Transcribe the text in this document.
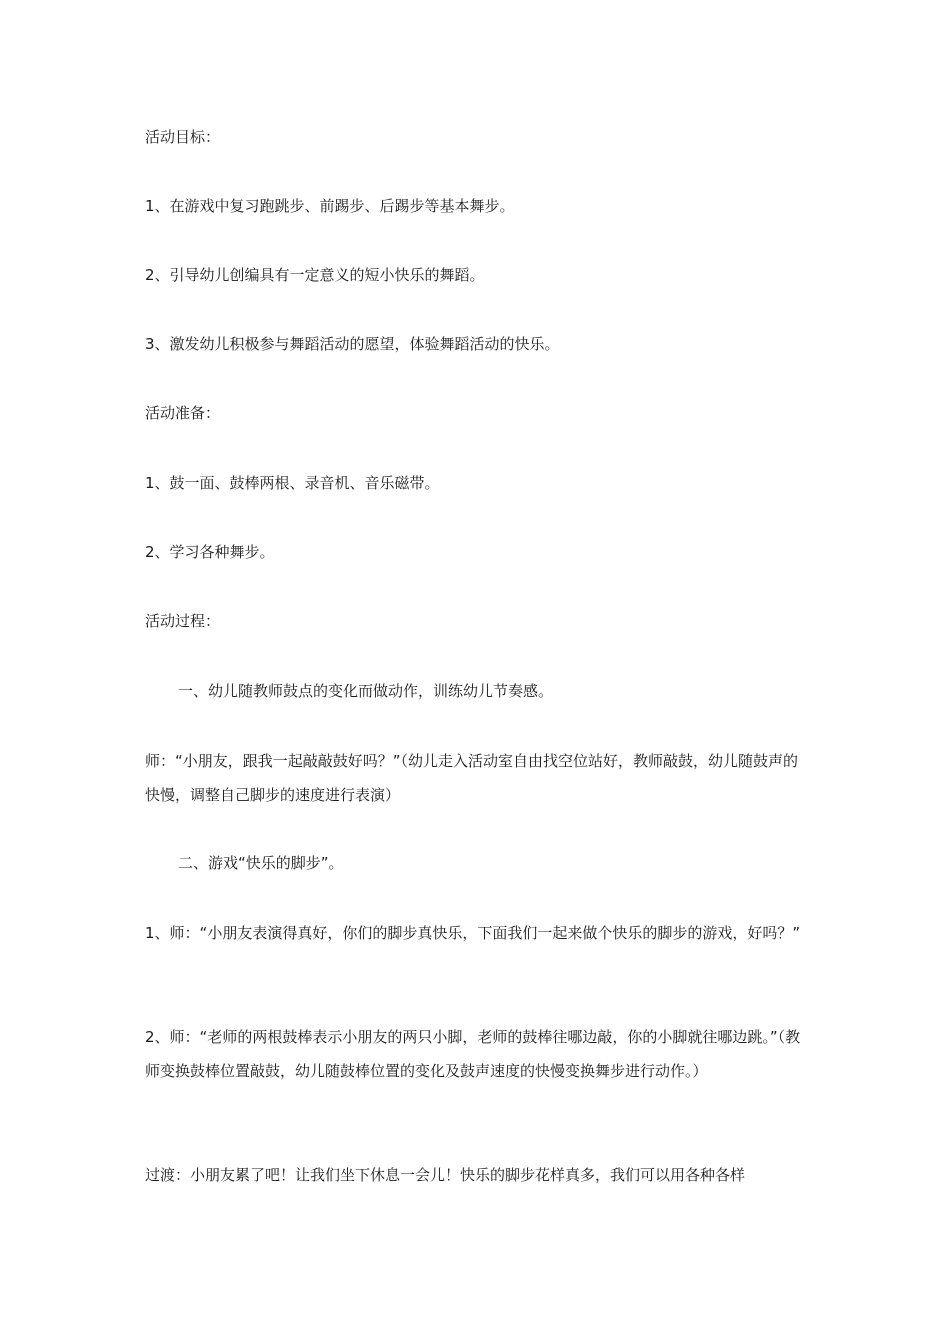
活动目标：

1、在游戏中复习跑跳步、前踢步、后踢步等基本舞步。

2、引导幼儿创编具有一定意义的短小快乐的舞蹈。

3、激发幼儿积极参与舞蹈活动的愿望，体验舞蹈活动的快乐。

活动准备：

1、鼓一面、鼓棒两根、录音机、音乐磁带。

2、学习各种舞步。

活动过程：

一、幼儿随教师鼓点的变化而做动作，训练幼儿节奏感。

师：“小朋友，跟我一起敲敲鼓好吗？”（幼儿走入活动室自由找空位站好，教师敲鼓，幼儿随鼓声的快慢，调整自己脚步的速度进行表演）

二、游戏“快乐的脚步”。

1、师：“小朋友表演得真好，你们的脚步真快乐，下面我们一起来做个快乐的脚步的游戏，好吗？”

2、师：“老师的两根鼓棒表示小朋友的两只小脚，老师的鼓棒往哪边敲，你的小脚就往哪边跳。”（教师变换鼓棒位置敲鼓，幼儿随鼓棒位置的变化及鼓声速度的快慢变换舞步进行动作。）

过渡：小朋友累了吧！让我们坐下休息一会儿！快乐的脚步花样真多，我们可以用各种各样
